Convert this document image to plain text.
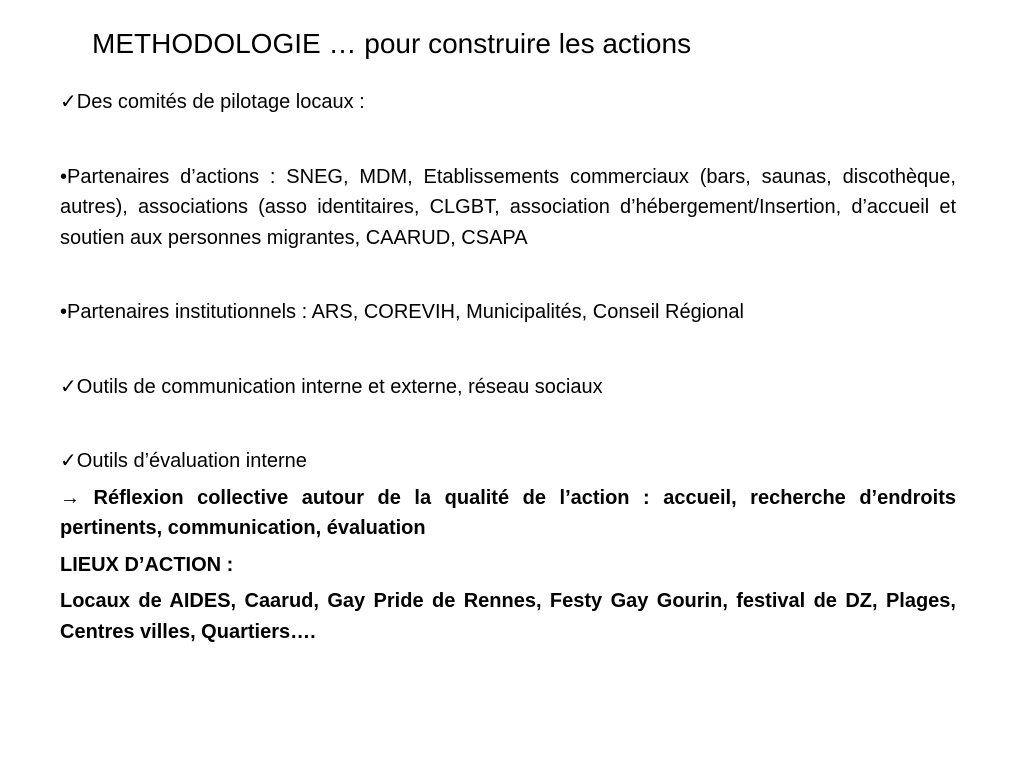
METHODOLOGIE … pour construire les actions

✓Des comités de pilotage locaux :

•Partenaires d’actions : SNEG, MDM, Etablissements commerciaux (bars, saunas, discothèque, autres), associations (asso identitaires, CLGBT, association d’hébergement/Insertion, d’accueil et soutien aux personnes migrantes, CAARUD, CSAPA

•Partenaires institutionnels : ARS, COREVIH, Municipalités, Conseil Régional

✓Outils de communication interne et externe, réseau sociaux

✓Outils d’évaluation interne

→ Réflexion collective autour de la qualité de l’action : accueil, recherche d’endroits pertinents, communication, évaluation

LIEUX D’ACTION :

Locaux de AIDES, Caarud, Gay Pride de Rennes, Festy Gay Gourin, festival de DZ, Plages, Centres villes, Quartiers….
